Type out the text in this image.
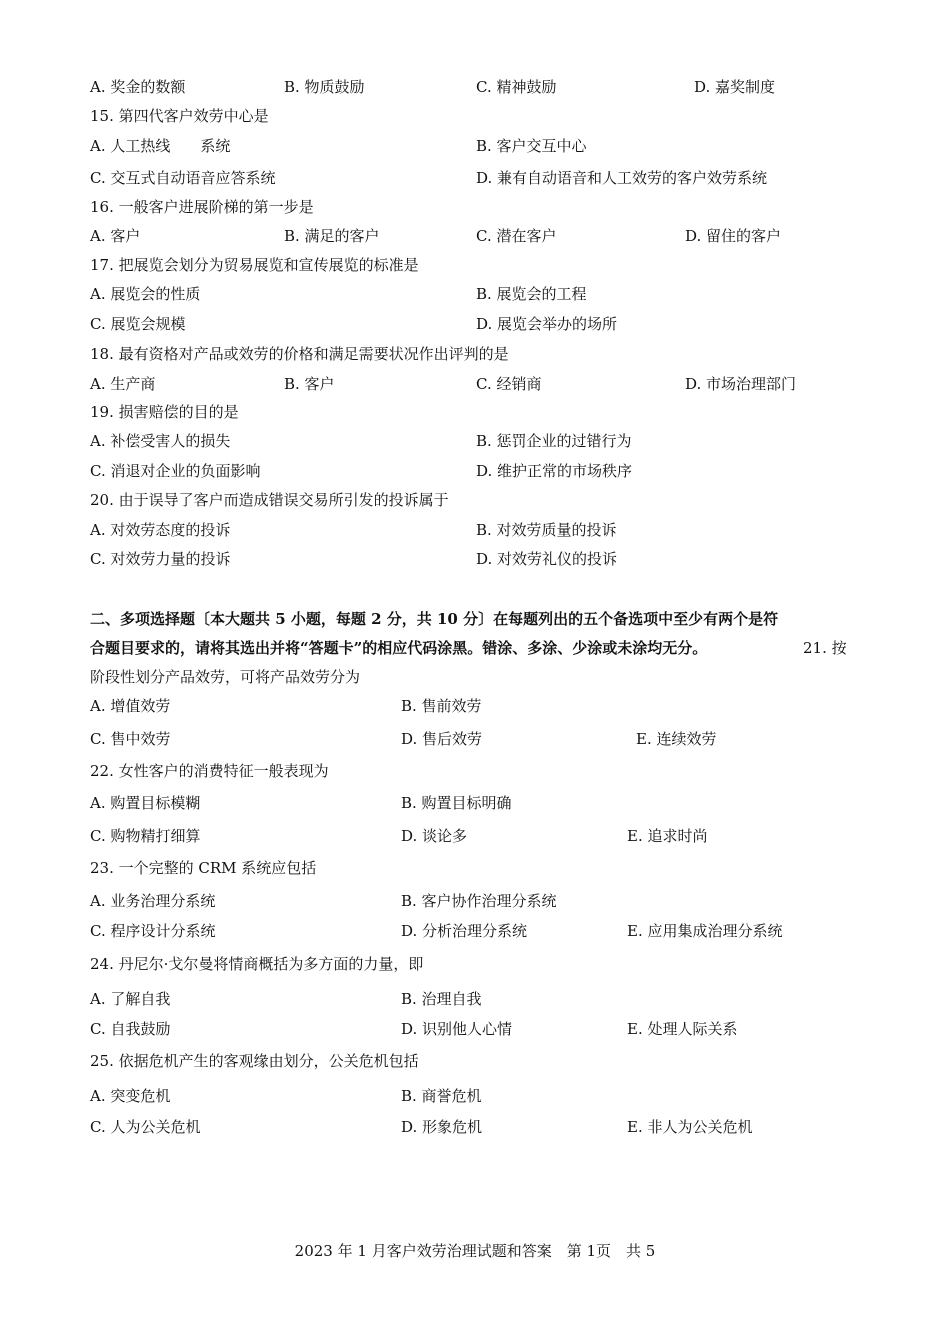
A. 奖金的数额	B. 物质鼓励	C. 精神鼓励	D. 嘉奖制度
15. 第四代客户效劳中心是
A. 人工热线　　系统	B. 客户交互中心
C. 交互式自动语音应答系统	D. 兼有自动语音和人工效劳的客户效劳系统
16. 一般客户进展阶梯的第一步是
A. 客户	B. 满足的客户	C. 潜在客户	D. 留住的客户
17. 把展览会划分为贸易展览和宣传展览的标准是
A. 展览会的性质	B. 展览会的工程
C. 展览会规模	D. 展览会举办的场所
18. 最有资格对产品或效劳的价格和满足需要状况作出评判的是
A. 生产商	B. 客户	C. 经销商	D. 市场治理部门
19. 损害赔偿的目的是
A. 补偿受害人的损失	B. 惩罚企业的过错行为
C. 消退对企业的负面影响	D. 维护正常的市场秩序
20. 由于误导了客户而造成错误交易所引发的投诉属于
A. 对效劳态度的投诉	B. 对效劳质量的投诉
C. 对效劳力量的投诉	D. 对效劳礼仪的投诉
二、多项选择题〔本大题共 5 小题，每题 2 分，共 10 分〕在每题列出的五个备选项中至少有两个是符
合题目要求的，请将其选出并将“答题卡”的相应代码涂黑。错涂、多涂、少涂或未涂均无分。	21. 按
阶段性划分产品效劳，可将产品效劳分为
A. 增值效劳	B. 售前效劳
C. 售中效劳	D. 售后效劳	E. 连续效劳
22. 女性客户的消费特征一般表现为
A. 购置目标模糊	B. 购置目标明确
C. 购物精打细算	D. 谈论多	E. 追求时尚
23. 一个完整的 CRM 系统应包括
A. 业务治理分系统	B. 客户协作治理分系统
C. 程序设计分系统	D. 分析治理分系统	E. 应用集成治理分系统
24. 丹尼尔·戈尔曼将情商概括为多方面的力量，即
A. 了解自我	B. 治理自我
C. 自我鼓励	D. 识别他人心情	E. 处理人际关系
25. 依据危机产生的客观缘由划分，公关危机包括
A. 突变危机	B. 商誉危机
C. 人为公关危机	D. 形象危机	E. 非人为公关危机
2023 年 1 月客户效劳治理试题和答案　第 1页　共 5
